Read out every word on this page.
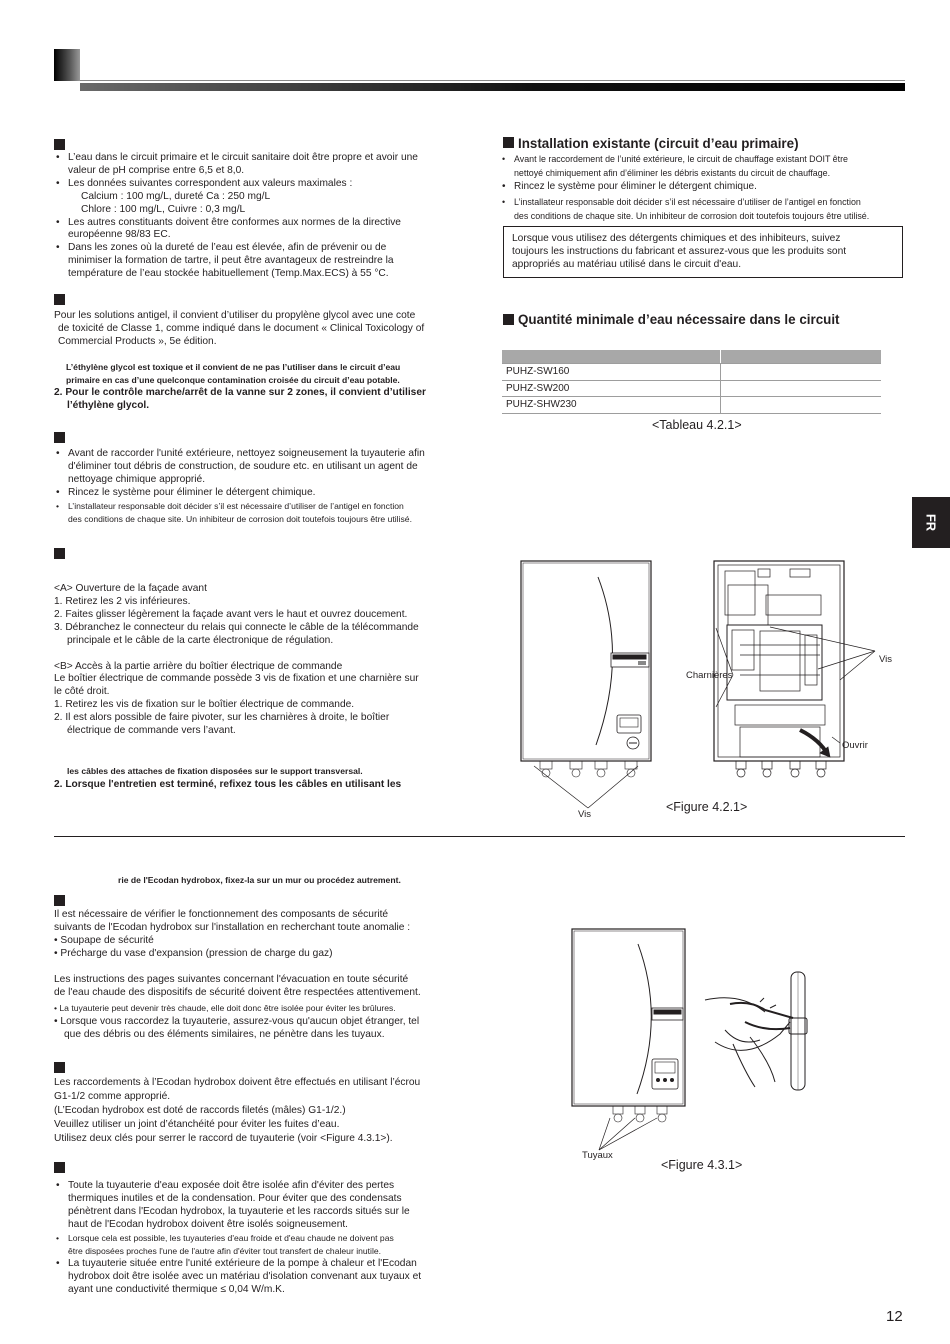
• L’eau dans le circuit primaire et le circuit sanitaire doit être propre et avoir une
valeur de pH comprise entre 6,5 et 8,0.
• Les données suivantes correspondent aux valeurs maximales :
Calcium : 100 mg/L, dureté Ca : 250 mg/L
Chlore : 100 mg/L, Cuivre : 0,3 mg/L
• Les autres constituants doivent être conformes aux normes de la directive
européenne 98/83 EC.
• Dans les zones où la dureté de l’eau est élevée, afin de prévenir ou de
minimiser la formation de tartre, il peut être avantageux de restreindre la
température de l’eau stockée habituellement (Temp.Max.ECS) à 55 °C.
Pour les solutions antigel, il convient d’utiliser du propylène glycol avec une cote
de toxicité de Classe 1, comme indiqué dans le document « Clinical Toxicology of
Commercial Products », 5e édition.
L’éthylène glycol est toxique et il convient de ne pas l’utiliser dans le circuit d’eau
primaire en cas d’une quelconque contamination croisée du circuit d’eau potable.
2. Pour le contrôle marche/arrêt de la vanne sur 2 zones, il convient d’utiliser
l’éthylène glycol.
• Avant de raccorder l'unité extérieure, nettoyez soigneusement la tuyauterie afin
d'éliminer tout débris de construction, de soudure etc. en utilisant un agent de
nettoyage chimique approprié.
• Rincez le système pour éliminer le détergent chimique.
• L’installateur responsable doit décider s’il est nécessaire d’utiliser de l’antigel en fonction
des conditions de chaque site. Un inhibiteur de corrosion doit toutefois toujours être utilisé.
<A> Ouverture de la façade avant
1. Retirez les 2 vis inférieures.
2. Faites glisser légèrement la façade avant vers le haut et ouvrez doucement.
3. Débranchez le connecteur du relais qui connecte le câble de la télécommande
principale et le câble de la carte électronique de régulation.
<B> Accès à la partie arrière du boîtier électrique de commande
Le boîtier électrique de commande possède 3 vis de fixation et une charnière sur
le côté droit.
1. Retirez les vis de fixation sur le boîtier électrique de commande.
2. Il est alors possible de faire pivoter, sur les charnières à droite, le boîtier
électrique de commande vers l’avant.
les câbles des attaches de fixation disposées sur le support transversal.
2. Lorsque l'entretien est terminé, refixez tous les câbles en utilisant les
Installation existante (circuit d’eau primaire)
• Avant le raccordement de l’unité extérieure, le circuit de chauffage existant DOIT être
nettoyé chimiquement afin d’éliminer les débris existants du circuit de chauffage.
• Rincez le système pour éliminer le détergent chimique.
• L’installateur responsable doit décider s’il est nécessaire d’utiliser de l’antigel en fonction
des conditions de chaque site. Un inhibiteur de corrosion doit toutefois toujours être utilisé.
Lorsque vous utilisez des détergents chimiques et des inhibiteurs, suivez
toujours les instructions du fabricant et assurez-vous que les produits sont
appropriés au matériau utilisé dans le circuit d'eau.
Quantité minimale d’eau nécessaire dans le circuit

PUHZ-SW160	
PUHZ-SW200	
PUHZ-SHW230	
<Tableau 4.2.1>
FR
Charnières
Vis
Ouvrir
Vis
<Figure 4.2.1>
rie de l'Ecodan hydrobox, fixez-la sur un mur ou procédez autrement.
Il est nécessaire de vérifier le fonctionnement des composants de sécurité
suivants de l'Ecodan hydrobox sur l'installation en recherchant toute anomalie :
• Soupape de sécurité
• Précharge du vase d'expansion (pression de charge du gaz)
Les instructions des pages suivantes concernant l'évacuation en toute sécurité
de l'eau chaude des dispositifs de sécurité doivent être respectées attentivement.
• La tuyauterie peut devenir très chaude, elle doit donc être isolée pour éviter les brûlures.
• Lorsque vous raccordez la tuyauterie, assurez-vous qu'aucun objet étranger, tel
que des débris ou des éléments similaires, ne pénètre dans les tuyaux.
Les raccordements à l’Ecodan hydrobox doivent être effectués en utilisant l’écrou
G1-1/2 comme approprié.
(L’Ecodan hydrobox est doté de raccords filetés (mâles) G1-1/2.)
Veuillez utiliser un joint d’étanchéité pour éviter les fuites d’eau.
Utilisez deux clés pour serrer le raccord de tuyauterie (voir <Figure 4.3.1>).
• Toute la tuyauterie d'eau exposée doit être isolée afin d'éviter des pertes
thermiques inutiles et de la condensation. Pour éviter que des condensats
pénètrent dans l'Ecodan hydrobox, la tuyauterie et les raccords situés sur le
haut de l'Ecodan hydrobox doivent être isolés soigneusement.
• Lorsque cela est possible, les tuyauteries d'eau froide et d'eau chaude ne doivent pas
être disposées proches l'une de l'autre afin d'éviter tout transfert de chaleur inutile.
• La tuyauterie située entre l'unité extérieure de la pompe à chaleur et l'Ecodan
hydrobox doit être isolée avec un matériau d'isolation convenant aux tuyaux et
ayant une conductivité thermique ≤ 0,04 W/m.K.
Tuyaux
<Figure 4.3.1>
12
